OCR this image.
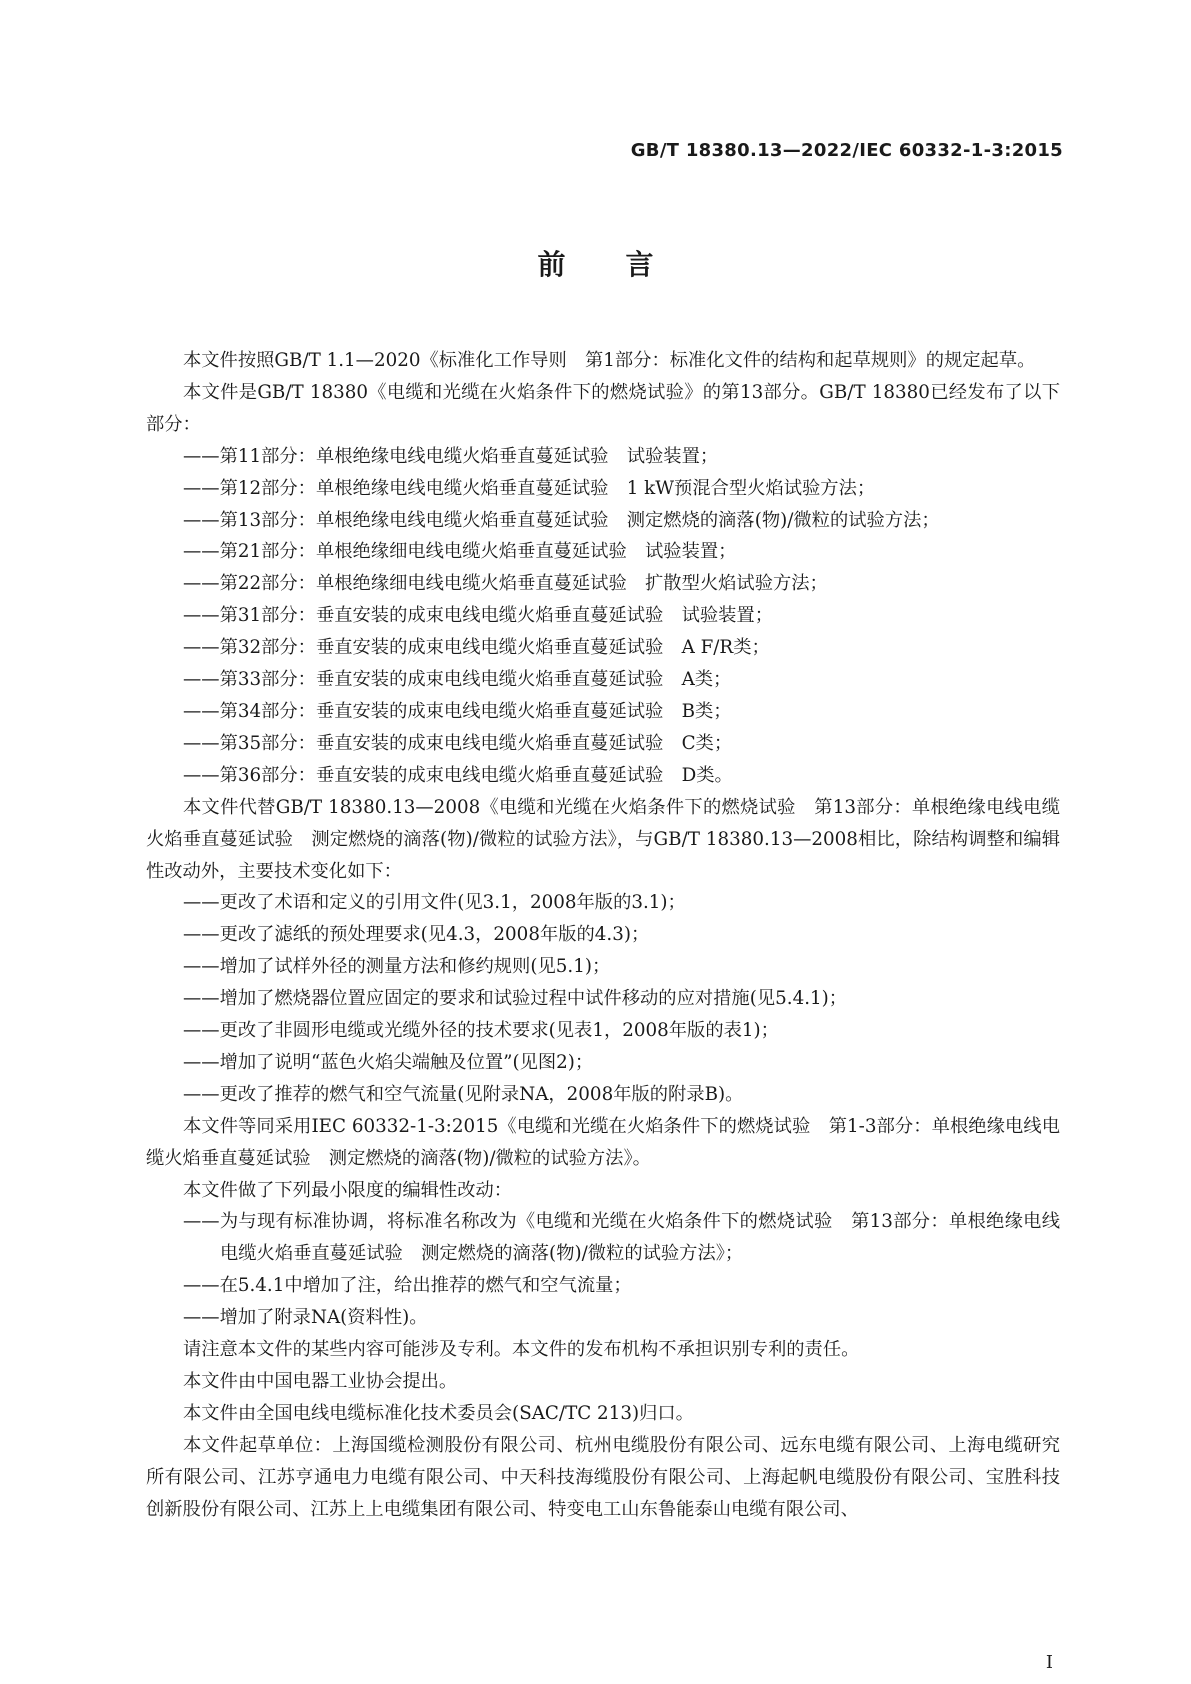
GB/T 18380.13—2022/IEC 60332-1-3:2015
前言

本文件按照GB/T 1.1—2020《标准化工作导则　第1部分：标准化文件的结构和起草规则》的规定起草。

本文件是GB/T 18380《电缆和光缆在火焰条件下的燃烧试验》的第13部分。GB/T 18380已经发布了以下部分：

——第11部分：单根绝缘电线电缆火焰垂直蔓延试验　试验装置；

——第12部分：单根绝缘电线电缆火焰垂直蔓延试验　1 kW预混合型火焰试验方法；

——第13部分：单根绝缘电线电缆火焰垂直蔓延试验　测定燃烧的滴落(物)/微粒的试验方法；

——第21部分：单根绝缘细电线电缆火焰垂直蔓延试验　试验装置；

——第22部分：单根绝缘细电线电缆火焰垂直蔓延试验　扩散型火焰试验方法；

——第31部分：垂直安装的成束电线电缆火焰垂直蔓延试验　试验装置；

——第32部分：垂直安装的成束电线电缆火焰垂直蔓延试验　A F/R类；

——第33部分：垂直安装的成束电线电缆火焰垂直蔓延试验　A类；

——第34部分：垂直安装的成束电线电缆火焰垂直蔓延试验　B类；

——第35部分：垂直安装的成束电线电缆火焰垂直蔓延试验　C类；

——第36部分：垂直安装的成束电线电缆火焰垂直蔓延试验　D类。

本文件代替GB/T 18380.13—2008《电缆和光缆在火焰条件下的燃烧试验　第13部分：单根绝缘电线电缆火焰垂直蔓延试验　测定燃烧的滴落(物)/微粒的试验方法》，与GB/T 18380.13—2008相比，除结构调整和编辑性改动外，主要技术变化如下：

——更改了术语和定义的引用文件(见3.1，2008年版的3.1)；

——更改了滤纸的预处理要求(见4.3，2008年版的4.3)；

——增加了试样外径的测量方法和修约规则(见5.1)；

——增加了燃烧器位置应固定的要求和试验过程中试件移动的应对措施(见5.4.1)；

——更改了非圆形电缆或光缆外径的技术要求(见表1，2008年版的表1)；

——增加了说明“蓝色火焰尖端触及位置”(见图2)；

——更改了推荐的燃气和空气流量(见附录NA，2008年版的附录B)。

本文件等同采用IEC 60332-1-3:2015《电缆和光缆在火焰条件下的燃烧试验　第1-3部分：单根绝缘电线电缆火焰垂直蔓延试验　测定燃烧的滴落(物)/微粒的试验方法》。

本文件做了下列最小限度的编辑性改动：

——为与现有标准协调，将标准名称改为《电缆和光缆在火焰条件下的燃烧试验　第13部分：单根绝缘电线电缆火焰垂直蔓延试验　测定燃烧的滴落(物)/微粒的试验方法》；

——在5.4.1中增加了注，给出推荐的燃气和空气流量；

——增加了附录NA(资料性)。

请注意本文件的某些内容可能涉及专利。本文件的发布机构不承担识别专利的责任。

本文件由中国电器工业协会提出。

本文件由全国电线电缆标准化技术委员会(SAC/TC 213)归口。

本文件起草单位：上海国缆检测股份有限公司、杭州电缆股份有限公司、远东电缆有限公司、上海电缆研究所有限公司、江苏亨通电力电缆有限公司、中天科技海缆股份有限公司、上海起帆电缆股份有限公司、宝胜科技创新股份有限公司、江苏上上电缆集团有限公司、特变电工山东鲁能泰山电缆有限公司、

I
